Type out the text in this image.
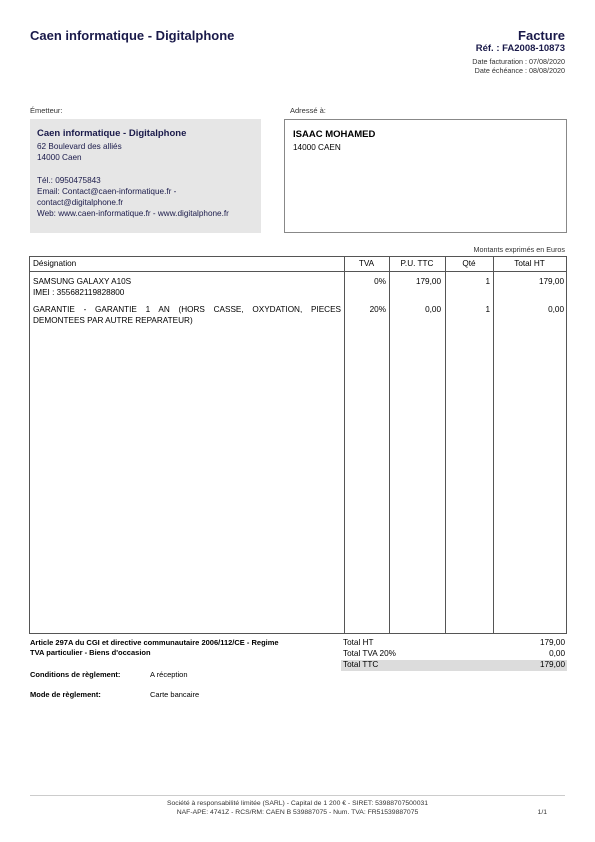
Caen informatique - Digitalphone	Facture
Réf. : FA2008-10873
Date facturation : 07/08/2020
Date échéance : 08/08/2020
Émetteur:	Adressé à:
Caen informatique - Digitalphone
62 Boulevard des alliés
14000 Caen
Tél.: 0950475843
Email: Contact@caen-informatique.fr -
contact@digitalphone.fr
Web: www.caen-informatique.fr - www.digitalphone.fr
ISAAC MOHAMED
14000 CAEN
Montants exprimés en Euros
Désignation	TVA	P.U. TTC	Qté	Total HT
SAMSUNG GALAXY A10S
IMEI : 355682119828800
0%	179,00	1	179,00
GARANTIE - GARANTIE 1 AN (HORS CASSE, OXYDATION, PIECES
DEMONTEES PAR AUTRE REPARATEUR)
20%	0,00	1	0,00
Article 297A du CGI et directive communautaire 2006/112/CE - Regime
TVA particulier - Biens d'occasion
Conditions de règlement:	A réception
Mode de règlement:	Carte bancaire
Total HT	179,00
Total TVA 20%	0,00
Total TTC	179,00
Société à responsabilité limitée (SARL) - Capital de 1 200 € - SIRET: 53988707500031
NAF-APE: 4741Z - RCS/RM: CAEN B 539887075 - Num. TVA: FR51539887075	1/1
